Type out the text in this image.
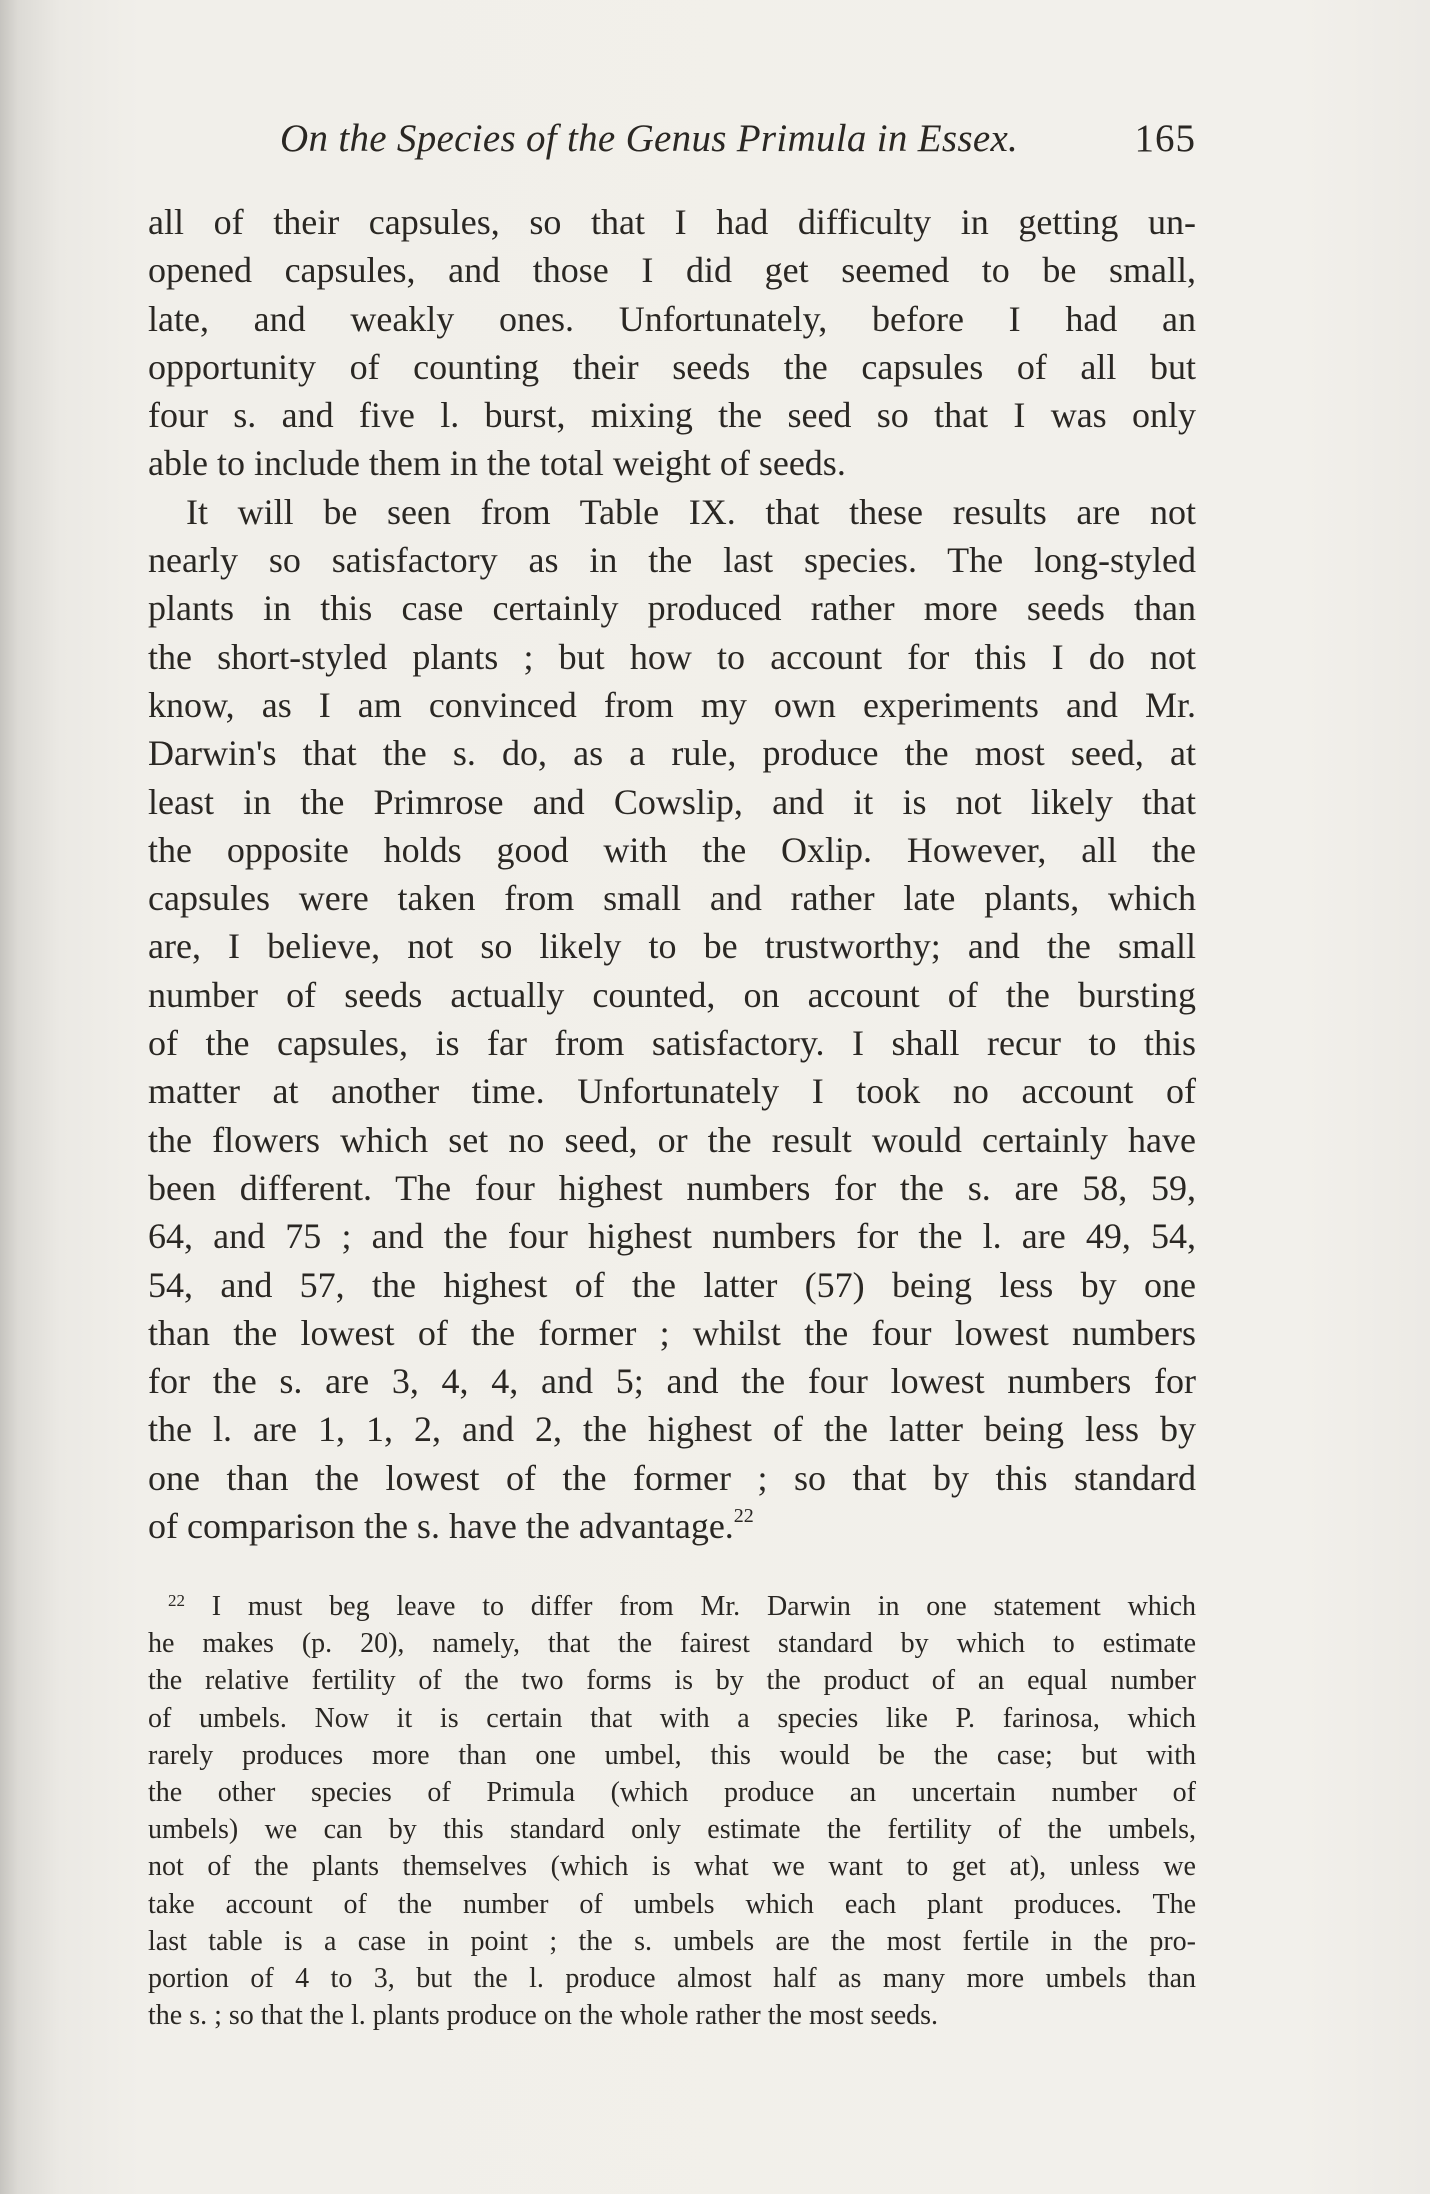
On the Species of the Genus Primula in Essex.	165
all of their capsules, so that I had difficulty in getting un-
opened capsules, and those I did get seemed to be small,
late, and weakly ones. Unfortunately, before I had an
opportunity of counting their seeds the capsules of all but
four s. and five l. burst, mixing the seed so that I was only
able to include them in the total weight of seeds.
It will be seen from Table IX. that these results are not
nearly so satisfactory as in the last species. The long-styled
plants in this case certainly produced rather more seeds than
the short-styled plants ; but how to account for this I do not
know, as I am convinced from my own experiments and Mr.
Darwin's that the s. do, as a rule, produce the most seed, at
least in the Primrose and Cowslip, and it is not likely that
the opposite holds good with the Oxlip. However, all the
capsules were taken from small and rather late plants, which
are, I believe, not so likely to be trustworthy; and the small
number of seeds actually counted, on account of the bursting
of the capsules, is far from satisfactory. I shall recur to this
matter at another time. Unfortunately I took no account of
the flowers which set no seed, or the result would certainly have
been different. The four highest numbers for the s. are 58, 59,
64, and 75 ; and the four highest numbers for the l. are 49, 54,
54, and 57, the highest of the latter (57) being less by one
than the lowest of the former ; whilst the four lowest numbers
for the s. are 3, 4, 4, and 5; and the four lowest numbers for
the l. are 1, 1, 2, and 2, the highest of the latter being less by
one than the lowest of the former ; so that by this standard
of comparison the s. have the advantage.$^{22}$
$^{22}$ I must beg leave to differ from Mr. Darwin in one statement which
he makes (p. 20), namely, that the fairest standard by which to estimate
the relative fertility of the two forms is by the product of an equal number
of umbels. Now it is certain that with a species like P. farinosa, which
rarely produces more than one umbel, this would be the case; but with
the other species of Primula (which produce an uncertain number of
umbels) we can by this standard only estimate the fertility of the umbels,
not of the plants themselves (which is what we want to get at), unless we
take account of the number of umbels which each plant produces. The
last table is a case in point ; the s. umbels are the most fertile in the pro-
portion of 4 to 3, but the l. produce almost half as many more umbels than
the s. ; so that the l. plants produce on the whole rather the most seeds.
